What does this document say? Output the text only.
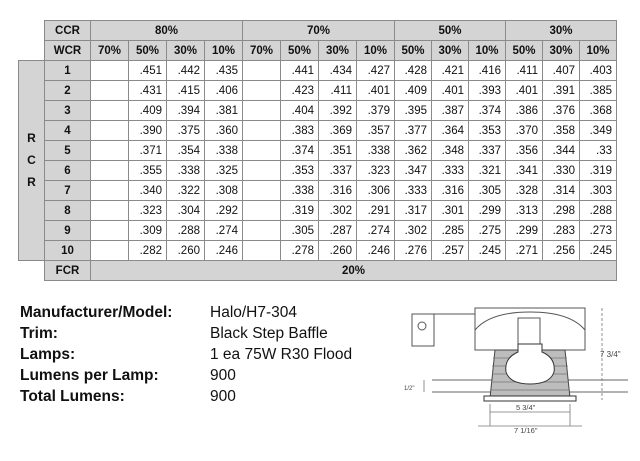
	CCR	80%				70%				50%			30%		
	WCR	70%	50%	30%	10%	70%	50%	30%	10%	50%	30%	10%	50%	30%	10%

R
C
R	1		.451	.442	.435		.441	.434	.427	.428	.421	.416	.411	.407	.403
	2		.431	.415	.406		.423	.411	.401	.409	.401	.393	.401	.391	.385
	3		.409	.394	.381		.404	.392	.379	.395	.387	.374	.386	.376	.368
	4		.390	.375	.360		.383	.369	.357	.377	.364	.353	.370	.358	.349
	5		.371	.354	.338		.374	.351	.338	.362	.348	.337	.356	.344	.33
	6		.355	.338	.325		.353	.337	.323	.347	.333	.321	.341	.330	.319
	7		.340	.322	.308		.338	.316	.306	.333	.316	.305	.328	.314	.303
	8		.323	.304	.292		.319	.302	.291	.317	.301	.299	.313	.298	.288
	9		.309	.288	.274		.305	.287	.274	.302	.285	.275	.299	.283	.273
	10		.282	.260	.246		.278	.260	.246	.276	.257	.245	.271	.256	.245
	FCR	20%													
Manufacturer/Model:	Halo/H7-304
Trim:	Black Step Baffle
Lamps:	1 ea 75W R30 Flood
Lumens per Lamp:	900
Total Lumens:	900
7 3/4"
1/2"
5 3/4"
7 1/16"
